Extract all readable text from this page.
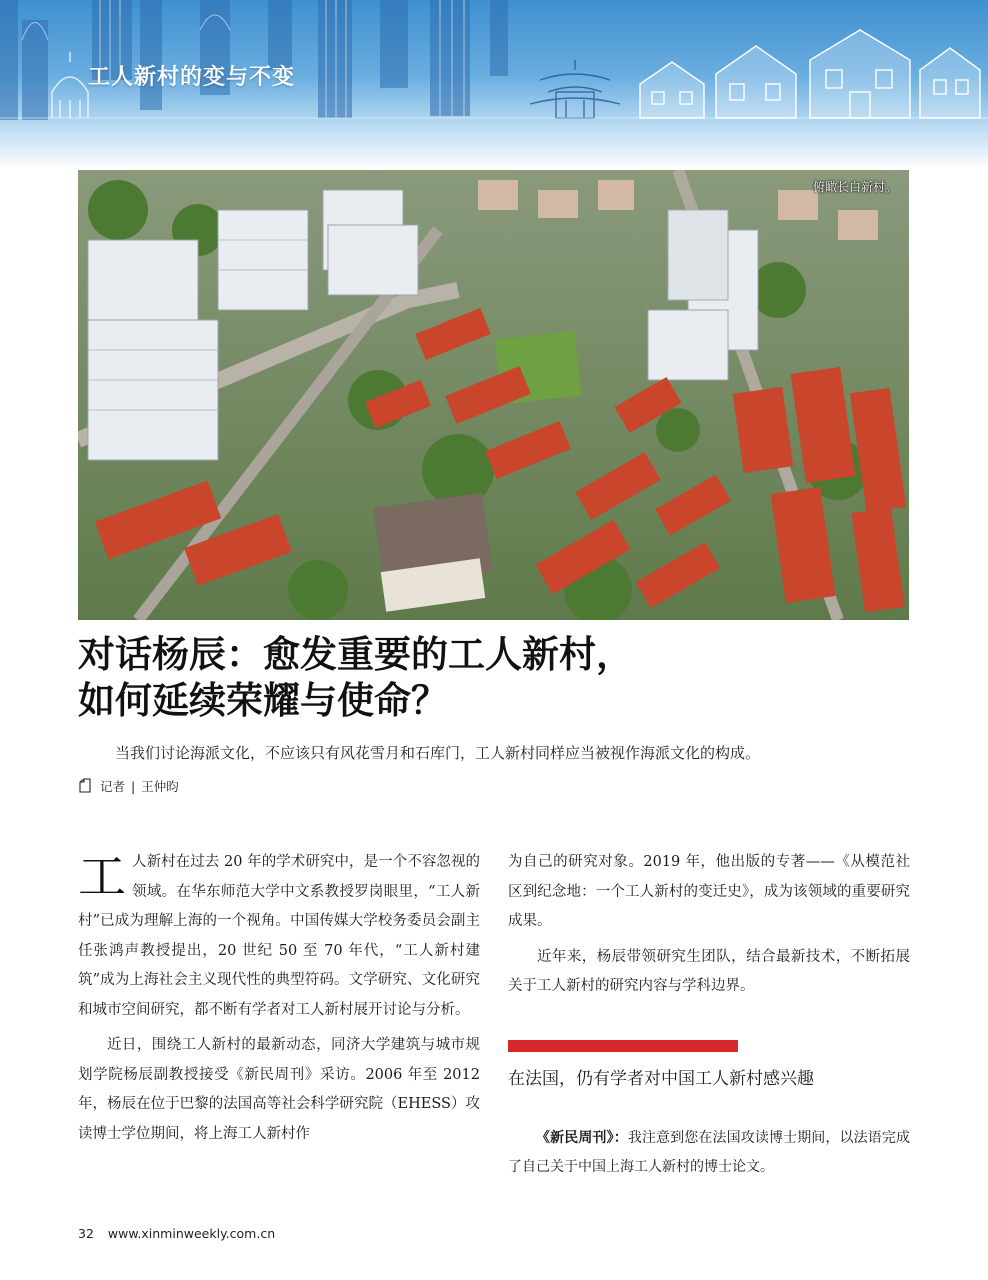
工人新村的变与不变
俯瞰长白新村。
对话杨辰：愈发重要的工人新村，
如何延续荣耀与使命？
当我们讨论海派文化，不应该只有风花雪月和石库门，工人新村同样应当被视作海派文化的构成。
记者 | 王仲昀

工 人新村在过去 20 年的学术研究中，是一个不容忽视的领域。在华东师范大学中文系教授罗岗眼里，“工人新村”已成为理解上海的一个视角。中国传媒大学校务委员会副主任张鸿声教授提出，20 世纪 50 至 70 年代，“工人新村建筑”成为上海社会主义现代性的典型符码。文学研究、文化研究和城市空间研究，都不断有学者对工人新村展开讨论与分析。

近日，围绕工人新村的最新动态，同济大学建筑与城市规划学院杨辰副教授接受《新民周刊》采访。2006 年至 2012 年，杨辰在位于巴黎的法国高等社会科学研究院（EHESS）攻读博士学位期间，将上海工人新村作

为自己的研究对象。2019 年，他出版的专著——《从模范社区到纪念地：一个工人新村的变迁史》，成为该领域的重要研究成果。

近年来，杨辰带领研究生团队，结合最新技术，不断拓展关于工人新村的研究内容与学科边界。

在法国，仍有学者对中国工人新村感兴趣
《新民周刊》：我注意到您在法国攻读博士期间，以法语完成了自己关于中国上海工人新村的博士论文。
32 www.xinminweekly.com.cn
